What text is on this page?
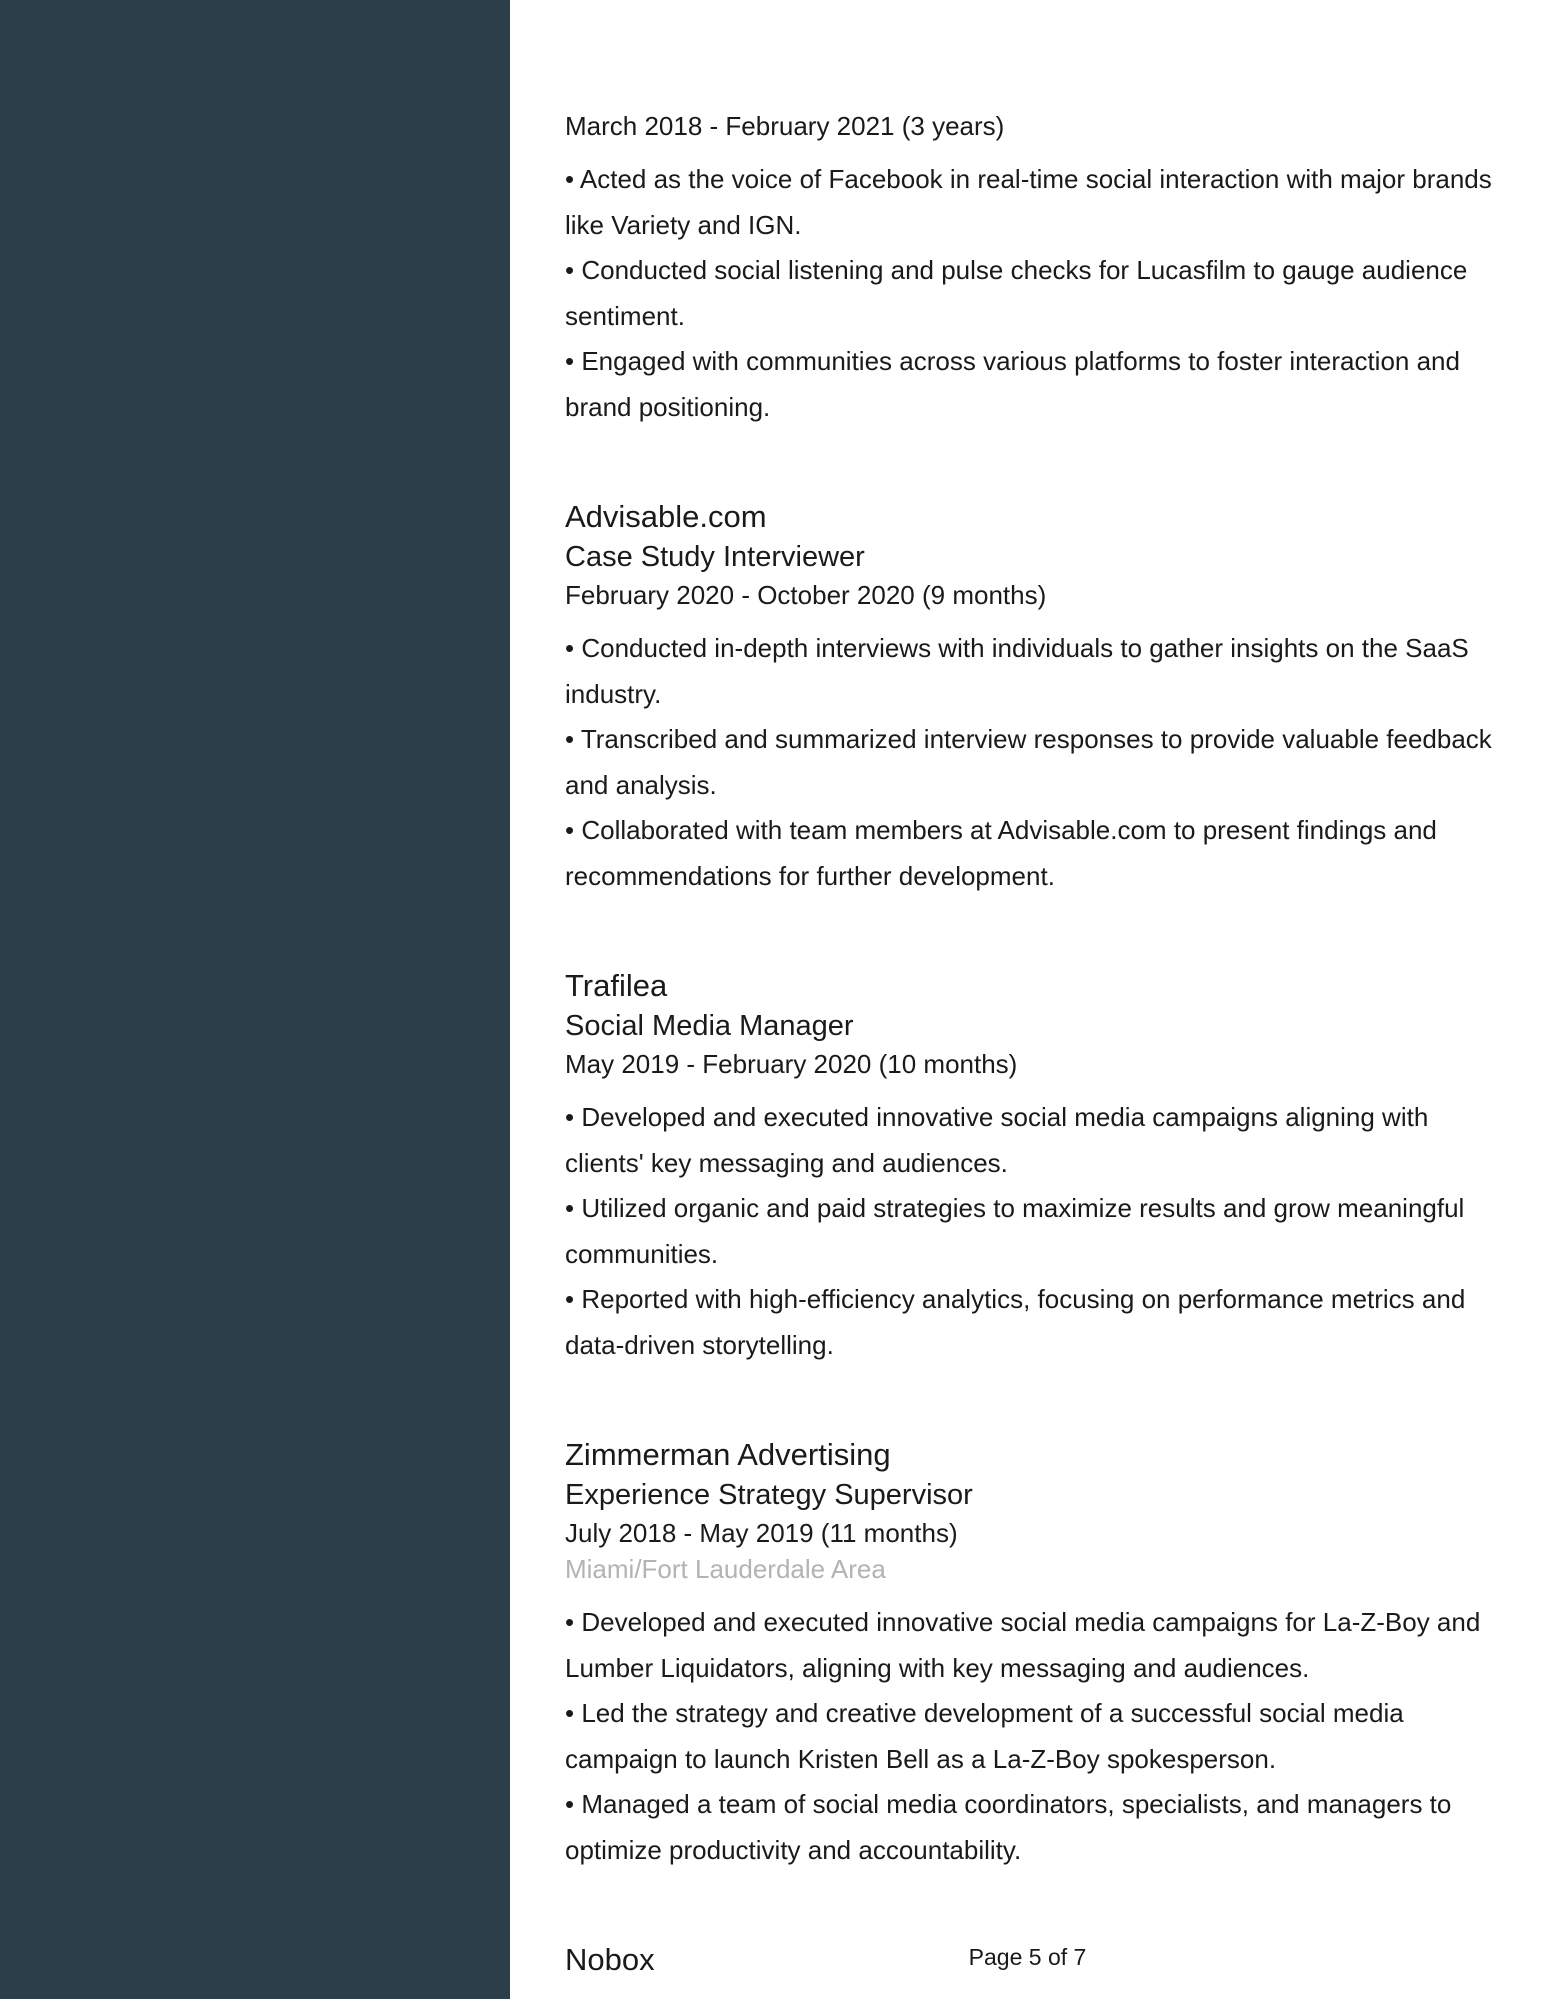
March 2018 - February 2021 (3 years)
• Acted as the voice of Facebook in real-time social interaction with major brands like Variety and IGN.
• Conducted social listening and pulse checks for Lucasfilm to gauge audience sentiment.
• Engaged with communities across various platforms to foster interaction and brand positioning.
Advisable.com
Case Study Interviewer
February 2020 - October 2020 (9 months)
• Conducted in-depth interviews with individuals to gather insights on the SaaS industry.
• Transcribed and summarized interview responses to provide valuable feedback and analysis.
• Collaborated with team members at Advisable.com to present findings and recommendations for further development.
Trafilea
Social Media Manager
May 2019 - February 2020 (10 months)
• Developed and executed innovative social media campaigns aligning with clients' key messaging and audiences.
• Utilized organic and paid strategies to maximize results and grow meaningful communities.
• Reported with high-efficiency analytics, focusing on performance metrics and data-driven storytelling.
Zimmerman Advertising
Experience Strategy Supervisor
July 2018 - May 2019 (11 months)
Miami/Fort Lauderdale Area
• Developed and executed innovative social media campaigns for La-Z-Boy and Lumber Liquidators, aligning with key messaging and audiences.
• Led the strategy and creative development of a successful social media campaign to launch Kristen Bell as a La-Z-Boy spokesperson.
• Managed a team of social media coordinators, specialists, and managers to optimize productivity and accountability.
Nobox	Page 5 of 7
